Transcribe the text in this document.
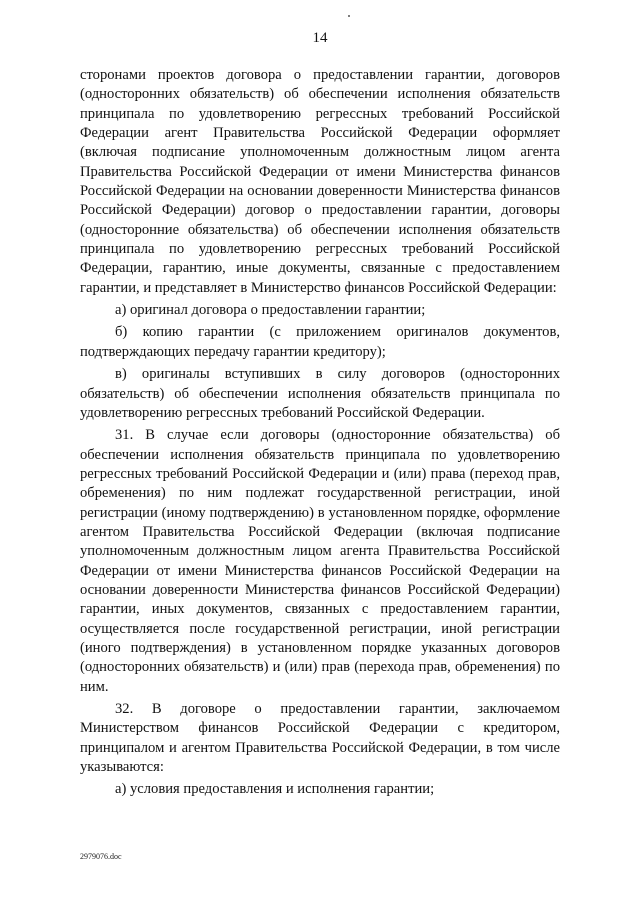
14

сторонами проектов договора о предоставлении гарантии, договоров (односторонних обязательств) об обеспечении исполнения обязательств принципала по удовлетворению регрессных требований Российской Федерации агент Правительства Российской Федерации оформляет (включая подписание уполномоченным должностным лицом агента Правительства Российской Федерации от имени Министерства финансов Российской Федерации на основании доверенности Министерства финансов Российской Федерации) договор о предоставлении гарантии, договоры (односторонние обязательства) об обеспечении исполнения обязательств принципала по удовлетворению регрессных требований Российской Федерации, гарантию, иные документы, связанные с предоставлением гарантии, и представляет в Министерство финансов Российской Федерации:

а) оригинал договора о предоставлении гарантии;

б) копию гарантии (с приложением оригиналов документов, подтверждающих передачу гарантии кредитору);

в) оригиналы вступивших в силу договоров (односторонних обязательств) об обеспечении исполнения обязательств принципала по удовлетворению регрессных требований Российской Федерации.

31. В случае если договоры (односторонние обязательства) об обеспечении исполнения обязательств принципала по удовлетворению регрессных требований Российской Федерации и (или) права (переход прав, обременения) по ним подлежат государственной регистрации, иной регистрации (иному подтверждению) в установленном порядке, оформление агентом Правительства Российской Федерации (включая подписание уполномоченным должностным лицом агента Правительства Российской Федерации от имени Министерства финансов Российской Федерации на основании доверенности Министерства финансов Российской Федерации) гарантии, иных документов, связанных с предоставлением гарантии, осуществляется после государственной регистрации, иной регистрации (иного подтверждения) в установленном порядке указанных договоров (односторонних обязательств) и (или) прав (перехода прав, обременения) по ним.

32. В договоре о предоставлении гарантии, заключаемом Министерством финансов Российской Федерации с кредитором, принципалом и агентом Правительства Российской Федерации, в том числе указываются:

а) условия предоставления и исполнения гарантии;

2979076.doc
